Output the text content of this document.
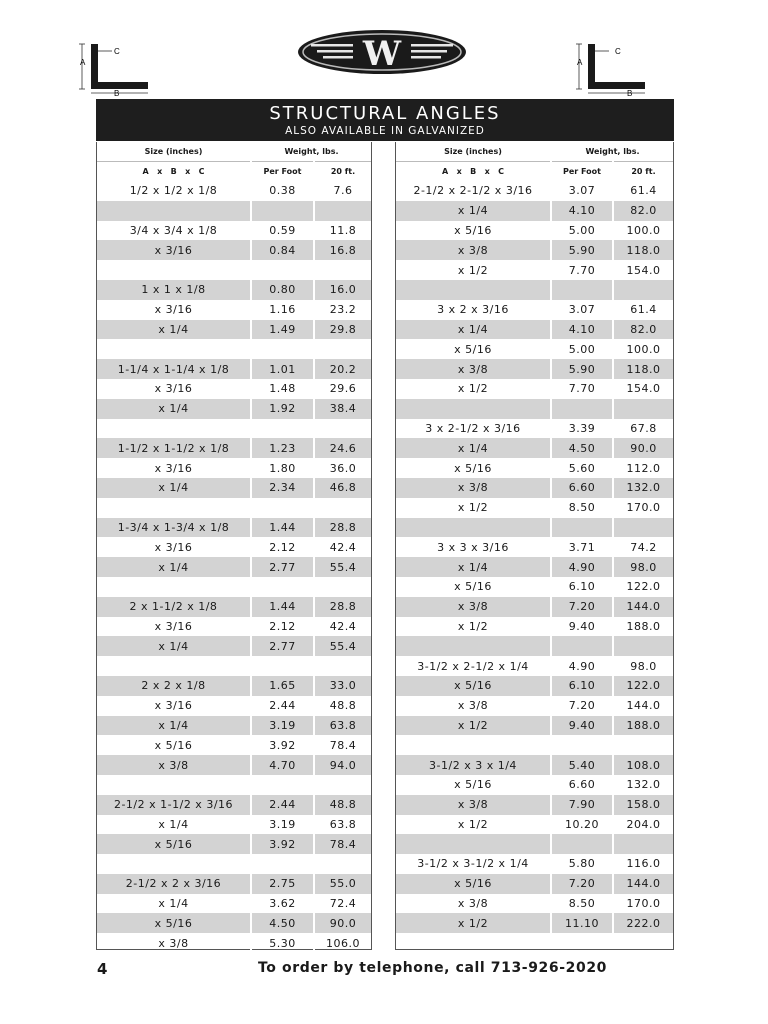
A
B
C
A
B
C
W
STRUCTURAL ANGLES
ALSO AVAILABLE IN GALVANIZED
Size (inches)	Weight, lbs.	
A   x   B   x   C	Per Foot	20 ft.
1/2 x 1/2 x 1/8	0.38	7.6

3/4 x 3/4 x 1/8	0.59	11.8
x 3/16	0.84	16.8

1 x 1 x 1/8	0.80	16.0
x 3/16	1.16	23.2
x 1/4	1.49	29.8

1-1/4 x 1-1/4 x 1/8	1.01	20.2
x 3/16	1.48	29.6
x 1/4	1.92	38.4

1-1/2 x 1-1/2 x 1/8	1.23	24.6
x 3/16	1.80	36.0
x 1/4	2.34	46.8

1-3/4 x 1-3/4 x 1/8	1.44	28.8
x 3/16	2.12	42.4
x 1/4	2.77	55.4

2 x 1-1/2 x 1/8	1.44	28.8
x 3/16	2.12	42.4
x 1/4	2.77	55.4

2 x 2 x 1/8	1.65	33.0
x 3/16	2.44	48.8
x 1/4	3.19	63.8
x 5/16	3.92	78.4
x 3/8	4.70	94.0

2-1/2 x 1-1/2 x 3/16	2.44	48.8
x 1/4	3.19	63.8
x 5/16	3.92	78.4

2-1/2 x 2 x 3/16	2.75	55.0
x 1/4	3.62	72.4
x 5/16	4.50	90.0
x 3/8	5.30	106.0
Size (inches)	Weight, lbs.	
A   x   B   x   C	Per Foot	20 ft.
2-1/2 x 2-1/2 x 3/16	3.07	61.4
x 1/4	4.10	82.0
x 5/16	5.00	100.0
x 3/8	5.90	118.0
x 1/2	7.70	154.0

3 x 2 x 3/16	3.07	61.4
x 1/4	4.10	82.0
x 5/16	5.00	100.0
x 3/8	5.90	118.0
x 1/2	7.70	154.0

3 x 2-1/2 x 3/16	3.39	67.8
x 1/4	4.50	90.0
x 5/16	5.60	112.0
x 3/8	6.60	132.0
x 1/2	8.50	170.0

3 x 3 x 3/16	3.71	74.2
x 1/4	4.90	98.0
x 5/16	6.10	122.0
x 3/8	7.20	144.0
x 1/2	9.40	188.0

3-1/2 x 2-1/2 x 1/4	4.90	98.0
x 5/16	6.10	122.0
x 3/8	7.20	144.0
x 1/2	9.40	188.0

3-1/2 x 3 x 1/4	5.40	108.0
x 5/16	6.60	132.0
x 3/8	7.90	158.0
x 1/2	10.20	204.0

3-1/2 x 3-1/2 x 1/4	5.80	116.0
x 5/16	7.20	144.0
x 3/8	8.50	170.0
x 1/2	11.10	222.0
4	To order by telephone, call 713-926-2020
